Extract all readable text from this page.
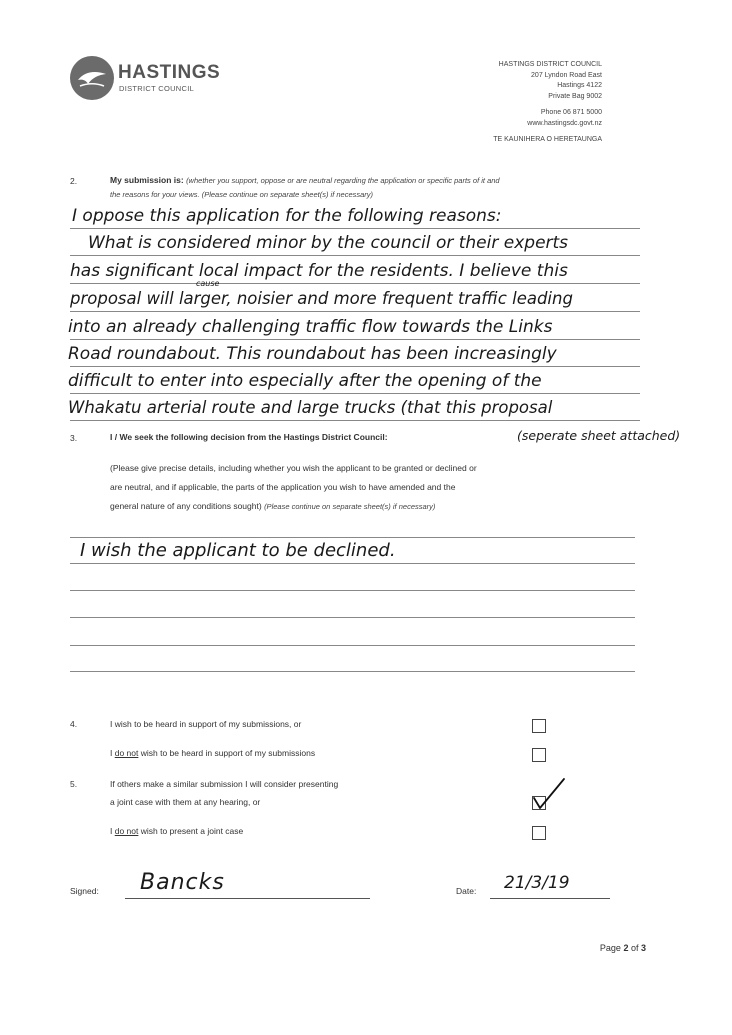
HASTINGS
DISTRICT COUNCIL
HASTINGS DISTRICT COUNCIL
207 Lyndon Road East
Hastings 4122
Private Bag 9002
Phone 06 871 5000
www.hastingsdc.govt.nz
TE KAUNIHERA O HERETAUNGA
2.	My submission is: (whether you support, oppose or are neutral regarding the application or specific parts of it and
the reasons for your views. (Please continue on separate sheet(s) if necessary)
I oppose this application for the following reasons:
What is considered minor by the council or their experts
has significant local impact for the residents. I believe this
proposal will larger, noisier and more frequent traffic leading
cause
into an already challenging traffic flow towards the Links
Road roundabout. This roundabout has been increasingly
difficult to enter into especially after the opening of the
Whakatu arterial route and large trucks (that this proposal
3.	I / We seek the following decision from the Hastings District Council:	(seperate sheet attached)
(Please give precise details, including whether you wish the applicant to be granted or declined or
are neutral, and if applicable, the parts of the application you wish to have amended and the
general nature of any conditions sought) (Please continue on separate sheet(s) if necessary)
I wish the applicant to be declined.
4.	I wish to be heard in support of my submissions, or
I do not wish to be heard in support of my submissions
5.	If others make a similar submission I will consider presenting
a joint case with them at any hearing, or
I do not wish to present a joint case
Signed: Bancks	Date: 21/3/19
Page 2 of 3
